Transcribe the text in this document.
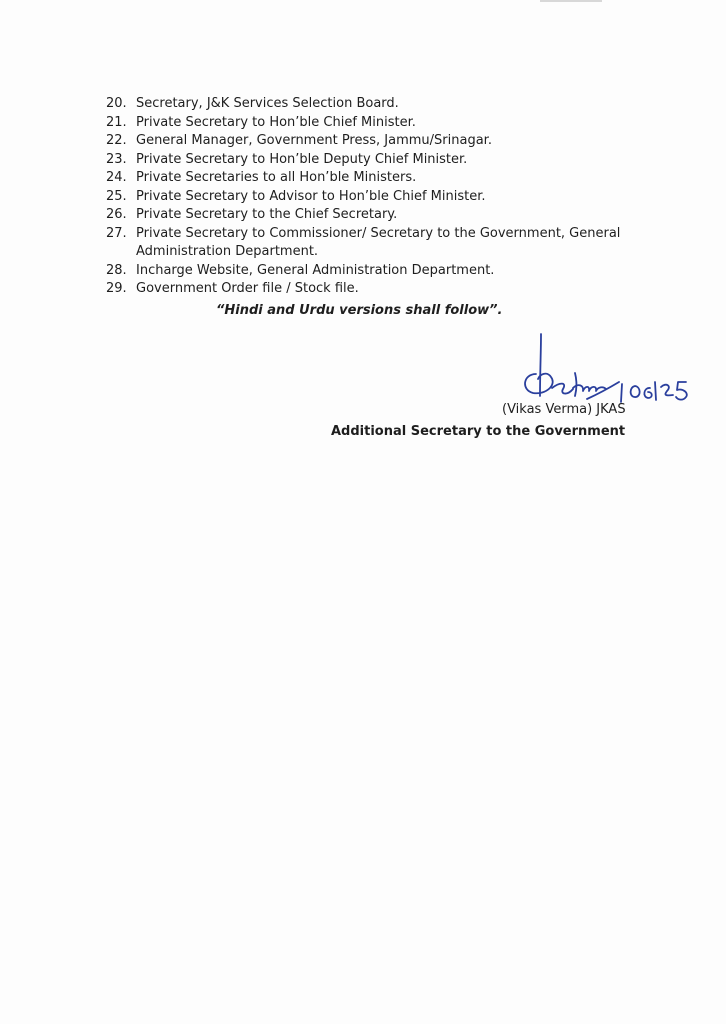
20. Secretary, J&K Services Selection Board.
21. Private Secretary to Hon’ble Chief Minister.
22. General Manager, Government Press, Jammu/Srinagar.
23. Private Secretary to Hon’ble Deputy Chief Minister.
24. Private Secretaries to all Hon’ble Ministers.
25. Private Secretary to Advisor to Hon’ble Chief Minister.
26. Private Secretary to the Chief Secretary.
27. Private Secretary to Commissioner/ Secretary to the Government, General Administration Department.
28. Incharge Website, General Administration Department.
29. Government Order file / Stock file.
“Hindi and Urdu versions shall follow”.
(Vikas Verma) JKAS
Additional Secretary to the Government
